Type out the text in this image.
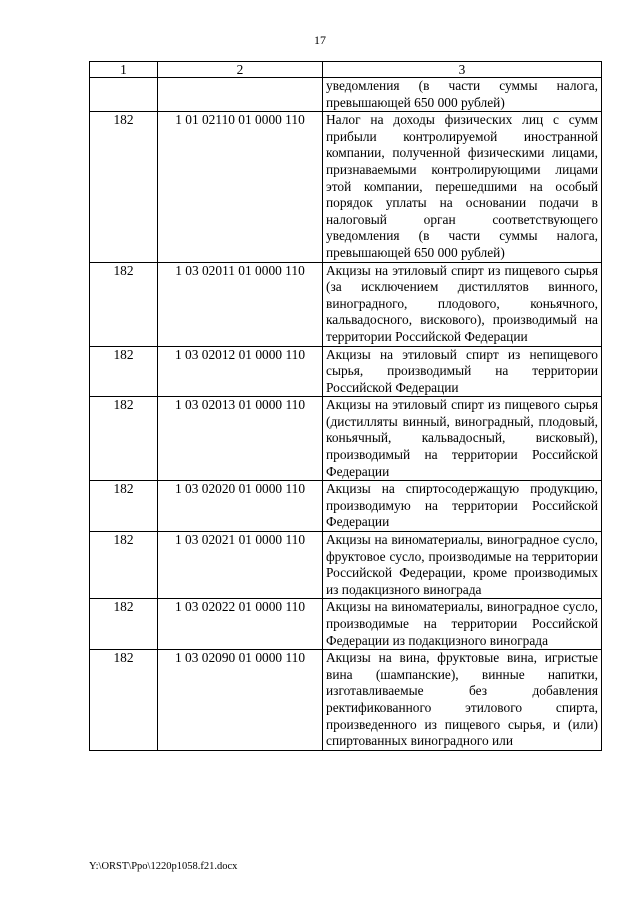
17
1	2	3
		уведомления (в части суммы налога, превышающей 650 000 рублей)
182	1 01 02110 01 0000 110	Налог на доходы физических лиц с сумм прибыли контролируемой иностранной компании, полученной физическими лицами, признаваемыми контролирующими лицами этой компании, перешедшими на особый порядок уплаты на основании подачи в налоговый орган соответствующего уведомления (в части суммы налога, превышающей 650 000 рублей)
182	1 03 02011 01 0000 110	Акцизы на этиловый спирт из пищевого сырья (за исключением дистиллятов винного, виноградного, плодового, коньячного, кальвадосного, вискового), производимый на территории Российской Федерации
182	1 03 02012 01 0000 110	Акцизы на этиловый спирт из непищевого сырья, производимый на территории Российской Федерации
182	1 03 02013 01 0000 110	Акцизы на этиловый спирт из пищевого сырья (дистилляты винный, виноградный, плодовый, коньячный, кальвадосный, висковый), производимый на территории Российской Федерации
182	1 03 02020 01 0000 110	Акцизы на спиртосодержащую продукцию, производимую на территории Российской Федерации
182	1 03 02021 01 0000 110	Акцизы на виноматериалы, виноградное сусло, фруктовое сусло, производимые на территории Российской Федерации, кроме производимых из подакцизного винограда
182	1 03 02022 01 0000 110	Акцизы на виноматериалы, виноградное сусло, производимые на территории Российской Федерации из подакцизного винограда
182	1 03 02090 01 0000 110	Акцизы на вина, фруктовые вина, игристые вина (шампанские), винные напитки, изготавливаемые без добавления ректификованного этилового спирта, произведенного из пищевого сырья, и (или) спиртованных виноградного или
Y:\ORST\Ppo\1220p1058.f21.docx
